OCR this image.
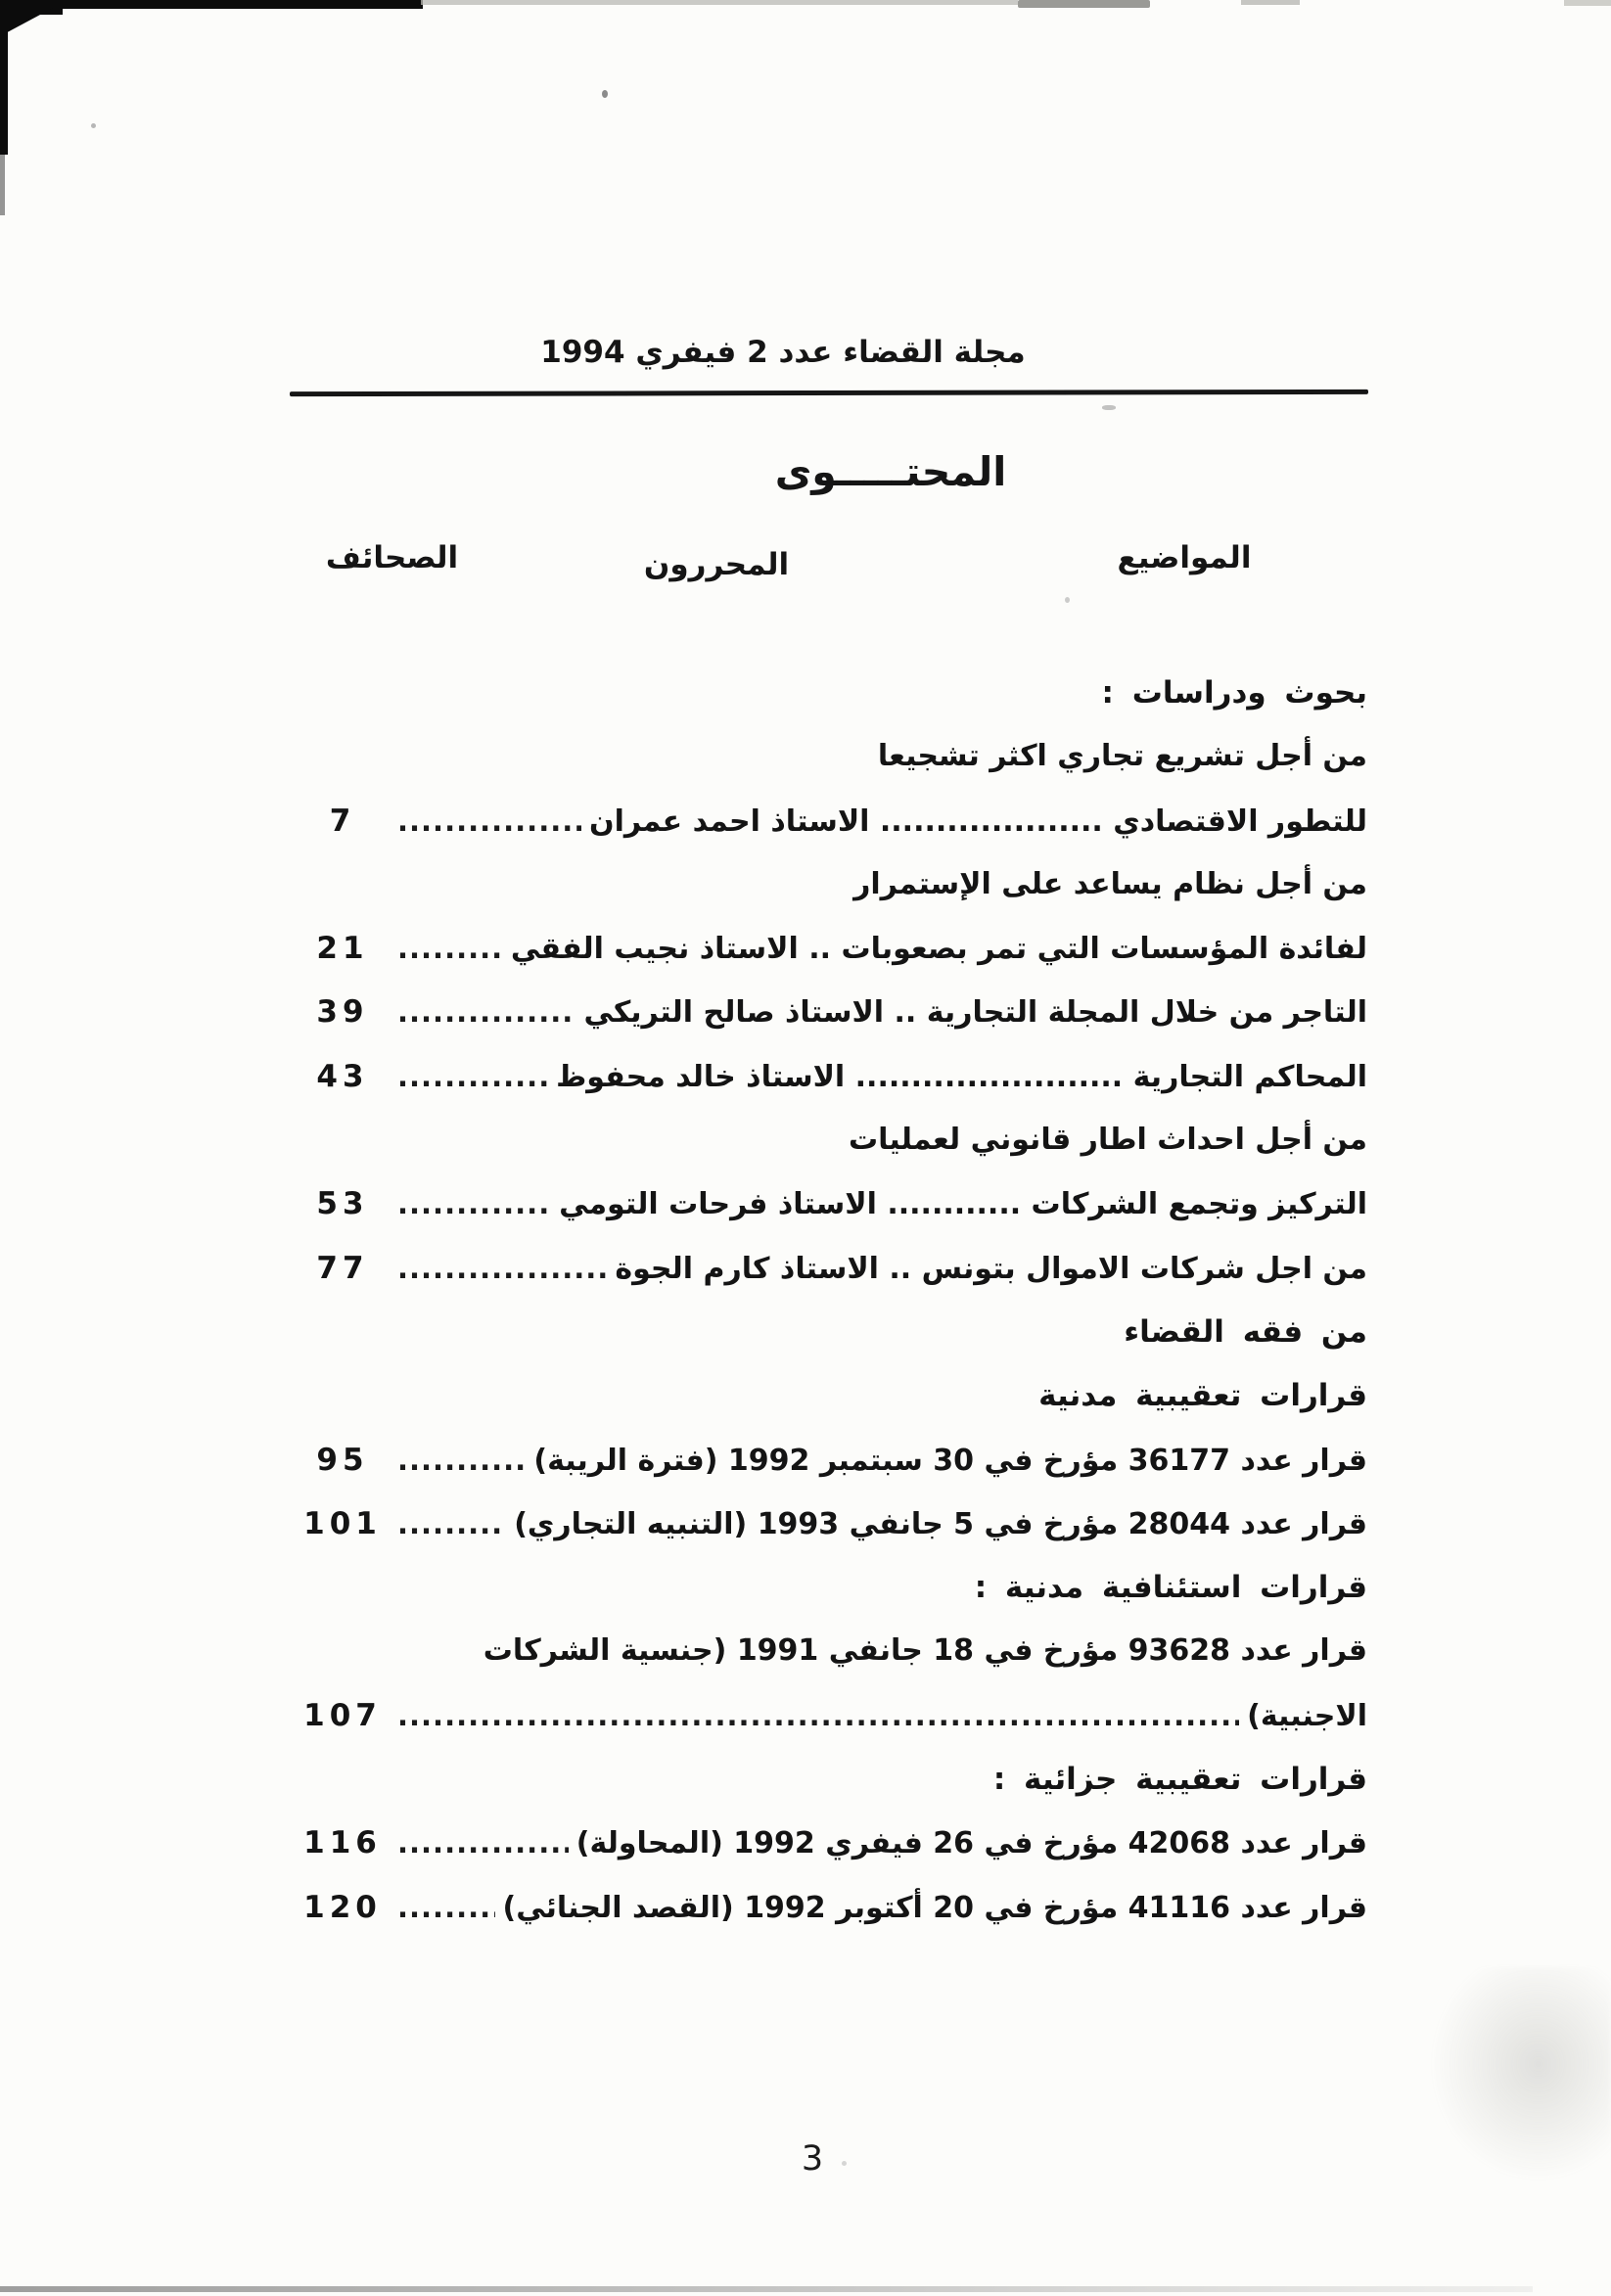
مجلة القضاء عدد 2 فيفري 1994
المحتـــــوى
الصحائف	المحررون	المواضيع
بحوث ودراسات :
من أجل تشريع تجاري اكثر تشجيعا
7 .....	للتطور الاقتصادي .................... الاستاذ احمد عمران
من أجل نظام يساعد على الإستمرار
21 .....	لفائدة المؤسسات التي تمر بصعوبات .. الاستاذ نجيب الفقي
39 .....	التاجر من خلال المجلة التجارية .. الاستاذ صالح التريكي
43 .....	المحاكم التجارية ........................ الاستاذ خالد محفوظ
من أجل احداث اطار قانوني لعمليات
53 .....	التركيز وتجمع الشركات ............ الاستاذ فرحات التومي
77 .....	من اجل شركات الاموال بتونس .. الاستاذ كارم الجوة
من فقه القضاء
قرارات تعقيبية مدنية
95 .....	قرار عدد 36177 مؤرخ في 30 سبتمبر 1992 (فترة الريبة)
101 .....	قرار عدد 28044 مؤرخ في 5 جانفي 1993 (التنبيه التجاري)
قرارات استئنافية مدنية :
قرار عدد 93628 مؤرخ في 18 جانفي 1991 (جنسية الشركات
107 .....	الاجنبية)
قرارات تعقيبية جزائية :
116 .....	قرار عدد 42068 مؤرخ في 26 فيفري 1992 (المحاولة)
120 .....	قرار عدد 41116 مؤرخ في 20 أكتوبر 1992 (القصد الجنائي)
3
